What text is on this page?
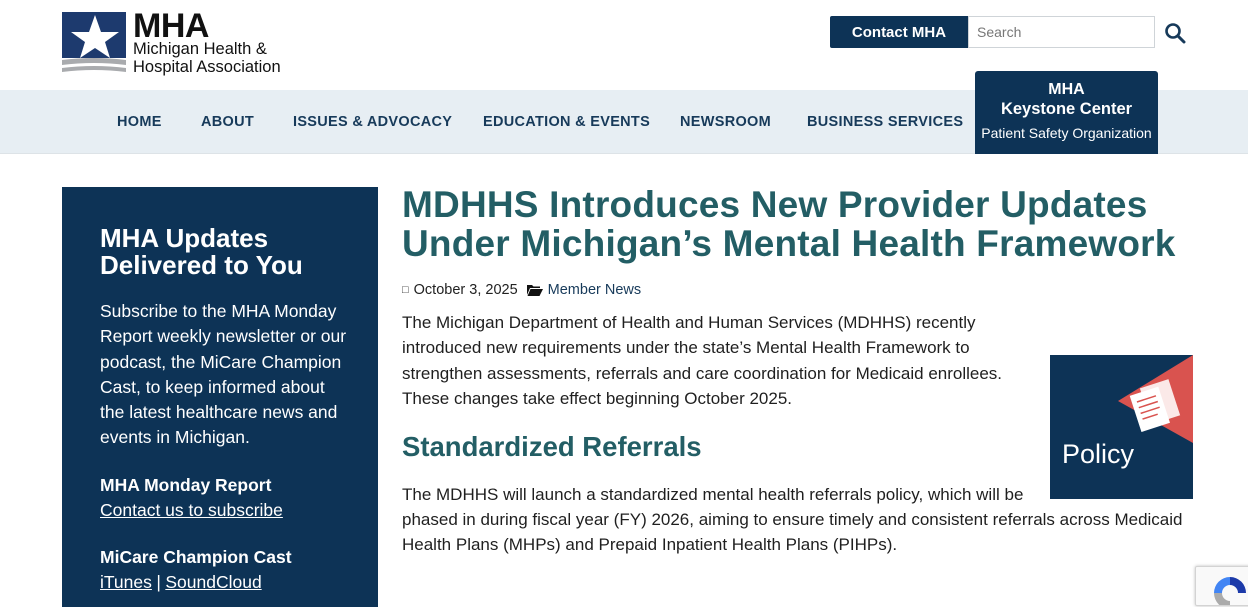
MHA
Michigan Health &
Hospital Association
Contact MHA
Search
HOME	ABOUT	ISSUES & ADVOCACY EDUCATION & EVENTS NEWSROOM BUSINESS SERVICES
MHA
Keystone Center
Patient Safety Organization
MHA Updates Delivered to You

Subscribe to the MHA Monday Report weekly newsletter or our podcast, the MiCare Champion Cast, to keep informed about the latest healthcare news and events in Michigan.

MHA Monday Report
Contact us to subscribe
MiCare Champion Cast
iTunes | SoundCloud
MDHHS Introduces New Provider Updates Under Michigan’s Mental Health Framework
□ October 3, 2025 Member News

The Michigan Department of Health and Human Services (MDHHS) recently introduced new requirements under the state’s Mental Health Framework to strengthen assessments, referrals and care coordination for Medicaid enrollees. These changes take effect beginning October 2025.

Standardized Referrals

The MDHHS will launch a standardized mental health referrals policy, which will be
phased in during fiscal year (FY) 2026, aiming to ensure timely and consistent referrals across Medicaid Health Plans (MHPs) and Prepaid Inpatient Health Plans (PIHPs).

Policy
